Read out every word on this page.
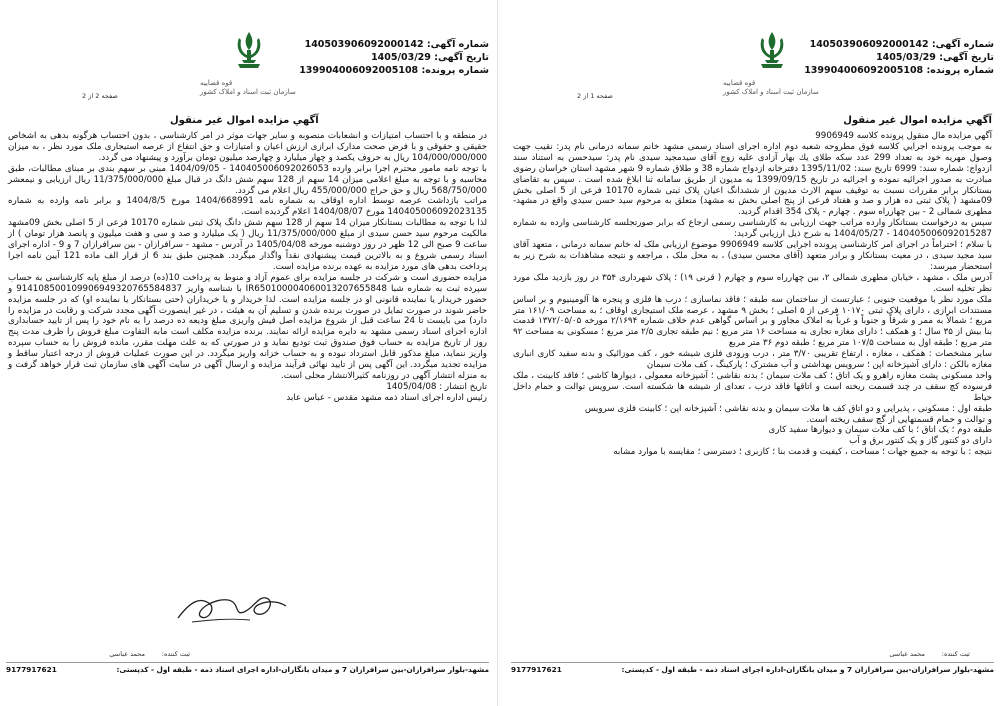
شماره آگهی: 140503906092000142
تاریخ آگهی: 1405/03/29
شماره پرونده: 139904006092005108
قوه قضاییه
سازمان ثبت اسناد و املاک کشور
صفحه 2 از 2
آگهي مزايده اموال غير منقول

در منطقه و با احتساب امتیازات و انشعابات منصوبه و سایر جهات موثر در امر کارشناسی ، بدون احتساب هرگونه بدهی به اشخاص حقیقی و حقوقی و با فرض صحت مدارک ابرازی ارزش اعیان و امتیازات و حق انتفاع از عرصه استیجاری ملک مورد نظر ، به میزان 104/000/000/000 ریال به حروف یکصد و چهار میلیارد و چهارصد میلیون تومان برآورد و پیشنهاد می گردد.

با توجه نامه مامور محترم اجرا برابر وارده 140405006092026053 - 1404/09/05 مبنی بر سهم بندی بر مبنای مطالبات، طبق محاسبه و با توجه به مبلغ اعلامی میزان 14 سهم از 128 سهم شش دانگ در قبال مبلغ 11/375/000/000 ریال ارزیابی و نیمعشر 568/750/000 ریال و حق حراج 455/000/000 ریال اعلام می گردد.

مراتب بازداشت عرصه توسط اداره اوقاف به شماره نامه 1404/668991 مورخ 1404/8/5 و برابر نامه وارده به شماره 140405006092023135 مورخ 1404/08/07 اعلام گردیده است.

لذا با توجه به مطالبات بستانکار میزان 14 سهم از 128 سهم شش دانگ پلاک ثبتی شماره 10170 فرعی از 5 اصلی بخش 09مشهد مالکیت مرحوم سید حسن سیدی از مبلغ 11/375/000/000 ریال ( یک میلیارد و صد و سی و هفت میلیون و پانصد هزار تومان ) از ساعت 9 صبح الی 12 ظهر در روز دوشنبه مورخه 1405/04/08 در آدرس - مشهد - سرافرازان - بین سرافرازان 7 و 9 - اداره اجرای اسناد رسمی شروع و به بالاترین قیمت پیشنهادی نقداً واگذار میگردد. همچنین طبق بند 6 از قرار الف ماده 121 آیین نامه اجرا پرداخت بدهی های مورد مزایده به عهده برنده مزایده است.

مزایده حضوری است و شرکت در جلسه مزایده برای عموم آزاد و منوط به پرداخت 10(ده) درصد از مبلغ پایه کارشناسی به حساب سپرده ثبت به شماره شبا IR650100004060013207655848 با شناسه واریز 914108500109906949320765584837 و حضور خریدار یا نماینده قانونی او در جلسه مزایده است. لذا خریدار و یا خریداران (حتی بستانکار یا نماینده او) که در جلسه مزایده حاضر شوند در صورت تمایل در صورت برنده شدن و تسلیم آن به هیئت ، در غیر اینصورت آگهی مجدد شرکت و رقابت در مزایده را دارد) می بایست تا 24 ساعت قبل از شروع مزایده اصل فیش واریزی مبلغ ودیعه ده درصد را به نام خود را پس از تایید حسابداری اداره اجرای اسناد رسمی مشهد به دایره مزایده ارائه نمایند. برنده مزایده مکلف است مابه التفاوت مبلغ فروش را ظرف مدت پنج روز از تاریخ مزایده به حساب فوق صندوق ثبت تودیع نماید و در صورتی که به علت مهلت مقرر، مانده فروش را به حساب سپرده واریز ننماید، مبلغ مذکور قابل استرداد نبوده و به حساب خزانه واریز میگردد. در این صورت عملیات فروش از درجه اعتبار ساقط و مزایده تجدید میگردد. این آگهی پس از تایید نهائی فرآیند مزایده و ارسال آگهی در سایت آگهی های سازمان ثبت قرار خواهد گرفت و به منزله انتشار آگهی در روزنامه کثیرالانتشار محلی است.

تاریخ انتشار : 1405/04/08

رئیس اداره اجرای اسناد ذمه مشهد مقدس - عباس عابد

ثبت کننده:
محمد عباسی
مشهد-بلوار سرافرازان-بین سرافرازان 7 و میدان بانگاران-اداره اجرای اسناد ذمه - طبقه اول - کدپستی:
9177917621
شماره آگهی: 140503906092000142
تاریخ آگهی: 1405/03/29
شماره پرونده: 139904006092005108
قوه قضاییه
سازمان ثبت اسناد و املاک کشور
صفحه 1 از 2
آگهي مزايده اموال غير منقول

آگهي مزايده مال منقول پرونده کلاسه 9906949

به موجب پرونده اجرايي کلاسه فوق مطروحه شعبه دوم اداره اجرای اسناد رسمی مشهد خانم سمانه درمانی نام پدر: نقیب جهت وصول مهریه خود به تعداد 299 عدد سکه طلای یك بهار آزادی علیه زوج آقای سیدمجید سیدی نام پدر: سیدحسن به استناد سند ازدواج: شماره سند: 6999 تاریخ سند: 1395/11/02 دفترخانه ازدواج شماره 38 و طلاق شماره 9 شهر مشهد استان خراسان رضوی مبادرت به صدور اجرائیه نموده و اجرائیه در تاریخ 1399/09/15 به مدیون از طریق سامانه ثنا ابلاغ شده است . سپس به تقاضای بستانکار برابر مقررات نسبت به توقیف سهم الارث مدیون از ششدانگ اعیان پلاک ثبتی شماره 10170 فرعی از 5 اصلی بخش 09مشهد ( پلاک ثبتی ده هزار و صد و هفتاد فرعی از پنج اصلی بخش نه مشهد) متعلق به مرحوم سید حسن سیدي واقع در مشهد-مطهری شمالی 2 - بین چهارراه سوم . چهارم - پلاک 354 اقدام گردید.

سپس به درخواست بستانکار وارده مراتب جهت ارزیابی به کارشناسی رسمی ارجاع که برابر صورتجلسه کارشناسی وارده به شماره 140405006092015287 - 1404/05/27 به شرح ذیل ارزیابی گردید:

با سلام ؛ احتراماً در اجرای امر کارشناسی پرونده اجرایی کلاسه 9906949 موضوع ارزیابی ملک له خانم سمانه درمانی ، متعهد آقای سید مجید سیدی ، در معیت بستانکار و برادر متعهد (آقای محسن سیدی) ، به محل ملک ، مراجعه و نتیجه مشاهدات به شرح زیر به استحضار میرسد:

آدرس ملک ، مشهد ، خیابان مطهری شمالی ۲، بین چهارراه سوم و چهارم ( قرنی ۱۹) ؛ پلاک شهرداری ۳۵۴ در روز بازدید ملک مورد نظر تخلیه است.

ملک مورد نظر با موقعیت جنوبی ؛ عبارتست از ساختمان سه طبقه ؛ فاقد نماسازی ؛ درب ها فلزی و پنجره ها آلومینیوم و بر اساس مستندات ابرازی ، دارای پلاک ثبتی ۱۰۱۷۰ فرعی از ۵ اصلی ؛ بخش ۹ مشهد ، عرصه ملک استیجاری اوقاف ؛ به مساحت ۱۶۱/۰۹ متر مربع ؛ شمالاً به ممر و شرقاً و جنوباً و غرباً به املاک مجاور و بر اساس گواهی عدم خلاف شماره ۲/۱۶۹۴ مورخه ۱۳۷۲/۰۵/۰۵ قدمت بنا بیش از ۳۵ سال ؛ و همکف ؛ دارای مغازه تجاری به مساحت ۱۶ متر مربع ؛ نیم طبقه تجاری ۲/۵ متر مربع ؛ مسکونی به مساحت ۹۲ متر مربع ؛ طبقه اول به مساحت ۱۰۷/۵ متر مربع ؛ طبقه دوم ۳۶ متر مربع

سایر مشخصات : همکف ، مغازه ، ارتفاع تقریبی ۳/۷۰ متر ، درب ورودی فلزی شیشه خور ، کف موزائیک و بدنه سفید کاری انباری مغازه بالکن : دارای آشپزخانه اپن ؛ سرویس بهداشتی و آب مشترک ؛ پارکینگ ، کف ملات سیمان

واحد مسکونی پشت مغازه راهرو و یک اتاق ؛ کف ملات سیمان ؛ بدنه نقاشی ؛ آشپزخانه معمولی ، دیوارها کاشی ؛ فاقد کابینت ، ملک فرسوده کچ سقف در چند قسمت ریخته است و اتاقها فاقد درب ، تعدای از شیشه ها شکسته است. سرویس توالت و حمام داخل حیاط

طبقه اول : مسکونی ، پذیرایی و دو اتاق کف ها ملات سیمان و بدنه نقاشی ؛ آشپزخانه اپن ؛ کابینت فلزی سرویس

و توالت و حمام قسمتهایی از گچ سقف ریخته است.

طبقه دوم ؛ یک اتاق ؛ با کف ملات سیمان و دیوارها سفید کاری

دارای دو کنتور گاز و یک کنتور برق و آب

نتیجه : با توجه به جمیع جهات ؛ مساحت ، کیفیت و قدمت بنا ؛ کاربری ؛ دسترسی ؛ مقایسه با موارد مشابه

ثبت کننده:
محمد عباسی
مشهد-بلوار سرافرازان-بین سرافرازان 7 و میدان بانگاران-اداره اجرای اسناد ذمه - طبقه اول - کدپستی:
9177917621
